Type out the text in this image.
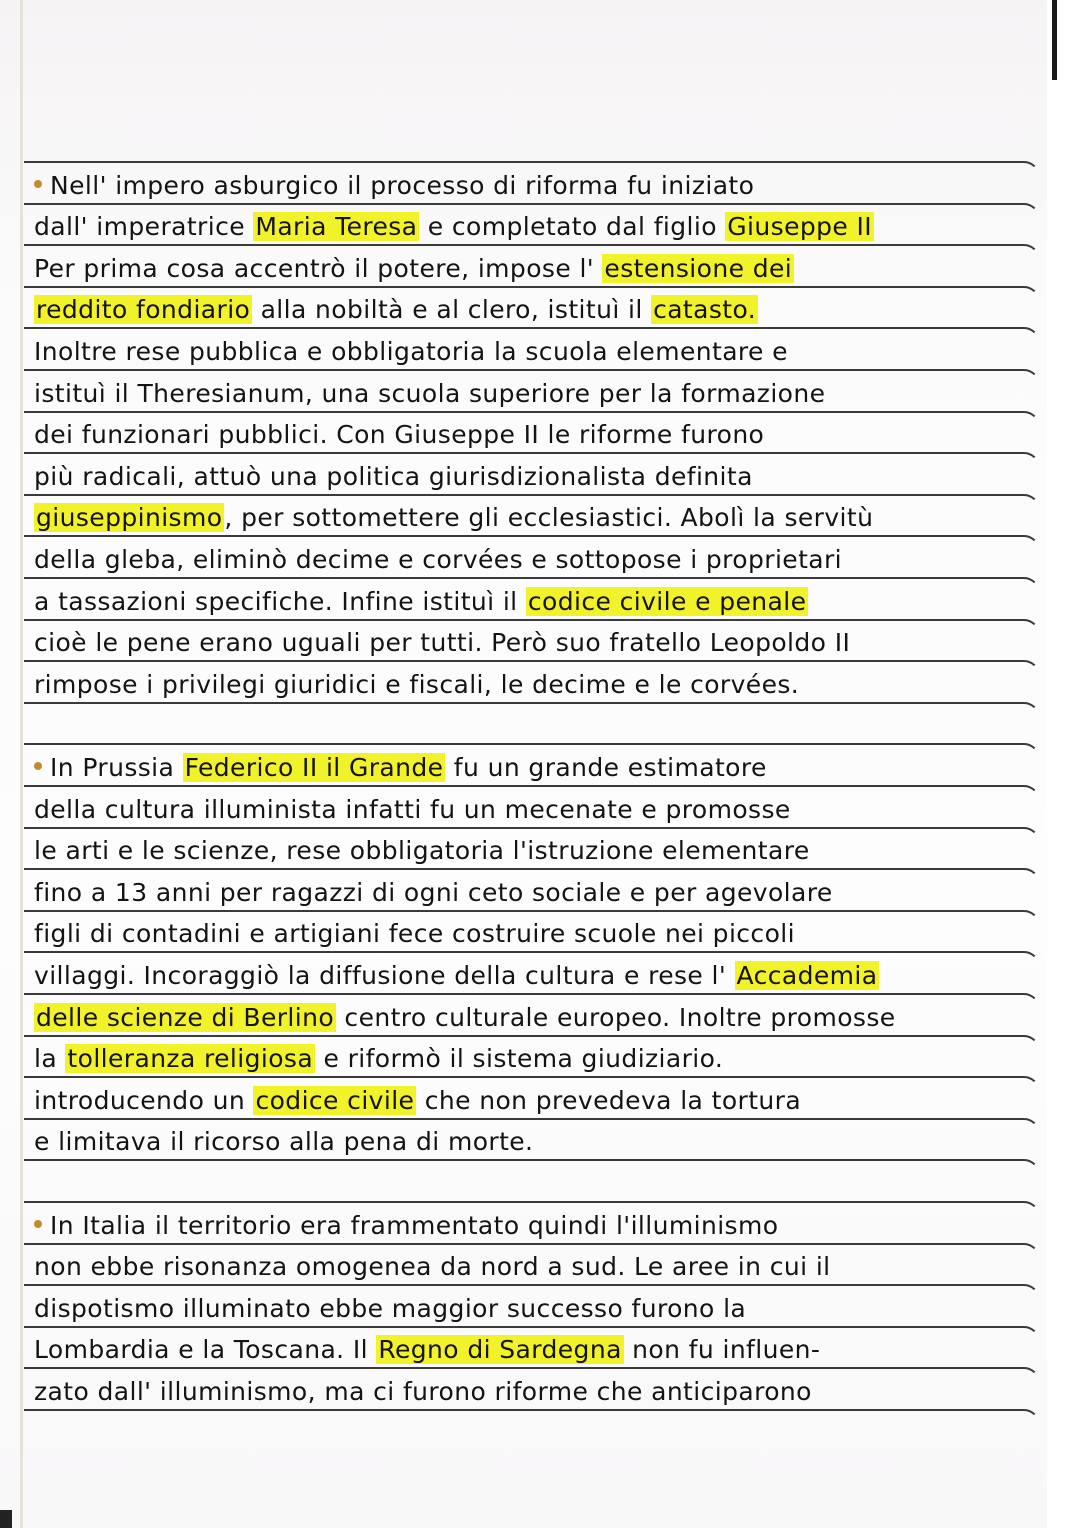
Nell' impero asburgico il processo di riforma fu iniziato
dall' imperatrice Maria Teresa e completato dal figlio Giuseppe II
Per prima cosa accentrò il potere, impose l' estensione dei
reddito fondiario alla nobiltà e al clero, istituì il catasto.
Inoltre rese pubblica e obbligatoria la scuola elementare e
istituì il Theresianum, una scuola superiore per la formazione
dei funzionari pubblici. Con Giuseppe II le riforme furono
più radicali, attuò una politica giurisdizionalista definita
giuseppinismo, per sottomettere gli ecclesiastici. Abolì la servitù
della gleba, eliminò decime e corvées e sottopose i proprietari
a tassazioni specifiche. Infine istituì il codice civile e penale
cioè le pene erano uguali per tutti. Però suo fratello Leopoldo II
rimpose i privilegi giuridici e fiscali, le decime e le corvées.
In Prussia Federico II il Grande fu un grande estimatore
della cultura illuminista infatti fu un mecenate e promosse
le arti e le scienze, rese obbligatoria l'istruzione elementare
fino a 13 anni per ragazzi di ogni ceto sociale e per agevolare
figli di contadini e artigiani fece costruire scuole nei piccoli
villaggi. Incoraggiò la diffusione della cultura e rese l' Accademia
delle scienze di Berlino centro culturale europeo. Inoltre promosse
la tolleranza religiosa e riformò il sistema giudiziario.
introducendo un codice civile che non prevedeva la tortura
e limitava il ricorso alla pena di morte.
In Italia il territorio era frammentato quindi l'illuminismo
non ebbe risonanza omogenea da nord a sud. Le aree in cui il
dispotismo illuminato ebbe maggior successo furono la
Lombardia e la Toscana. Il Regno di Sardegna non fu influen-
zato dall' illuminismo, ma ci furono riforme che anticiparono
